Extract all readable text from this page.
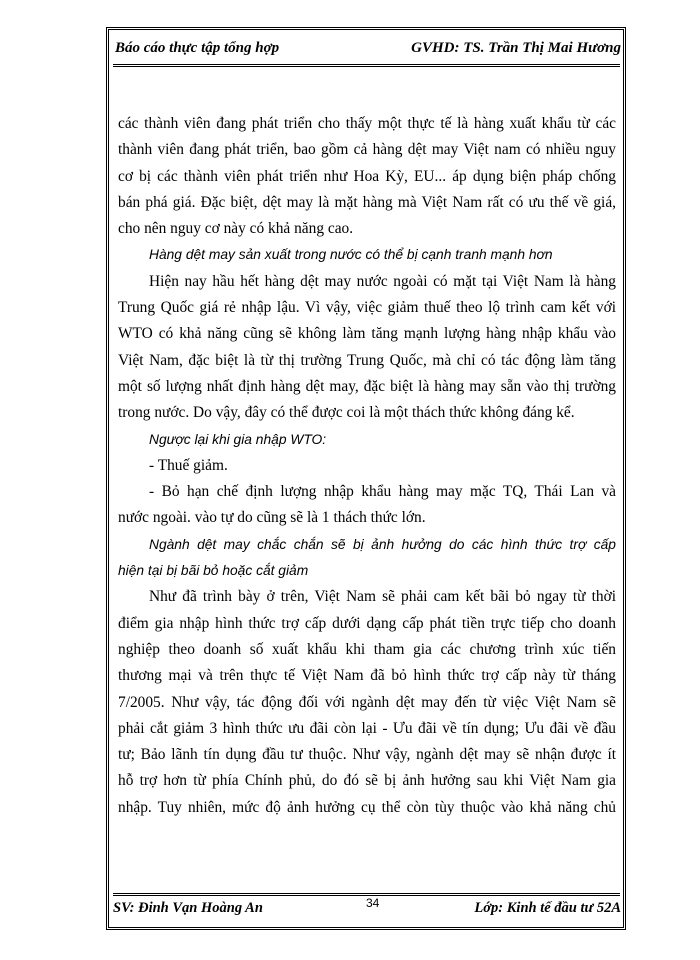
Báo cáo thực tập tổng hợp	GVHD: TS. Trần Thị Mai Hương
các thành viên đang phát triển cho thấy một thực tế là hàng xuất khẩu từ các
thành viên đang phát triển, bao gồm cả hàng dệt may Việt nam có nhiều nguy
cơ bị các thành viên phát triển như Hoa Kỳ, EU... áp dụng biện pháp chống
bán phá giá. Đặc biệt, dệt may là mặt hàng mà Việt Nam rất có ưu thế về giá,
cho nên nguy cơ này có khả năng cao.
Hàng dệt may sản xuất trong nước có thể bị cạnh tranh mạnh hơn
Hiện nay hầu hết hàng dệt may nước ngoài có mặt tại Việt Nam là hàng
Trung Quốc giá rẻ nhập lậu. Vì vậy, việc giảm thuế theo lộ trình cam kết với
WTO có khả năng cũng sẽ không làm tăng mạnh lượng hàng nhập khẩu vào
Việt Nam, đặc biệt là từ thị trường Trung Quốc, mà chỉ có tác động làm tăng
một số lượng nhất định hàng dệt may, đặc biệt là hàng may sẵn vào thị trường
trong nước. Do vậy, đây có thể được coi là một thách thức không đáng kể.
Ngược lại khi gia nhập WTO:
- Thuế giảm.
- Bỏ hạn chế định lượng nhập khẩu hàng may mặc TQ, Thái Lan và
nước ngoài. vào tự do cũng sẽ là 1 thách thức lớn.
Ngành dệt may chắc chắn sẽ bị ảnh hưởng do các hình thức trợ cấp
hiện tại bị bãi bỏ hoặc cắt giảm
Như đã trình bày ở trên, Việt Nam sẽ phải cam kết bãi bỏ ngay từ thời
điểm gia nhập hình thức trợ cấp dưới dạng cấp phát tiền trực tiếp cho doanh
nghiệp theo doanh số xuất khẩu khi tham gia các chương trình xúc tiến
thương mại và trên thực tế Việt Nam đã bỏ hình thức trợ cấp này từ tháng
7/2005. Như vậy, tác động đối với ngành dệt may đến từ việc Việt Nam sẽ
phải cắt giảm 3 hình thức ưu đãi còn lại - Ưu đãi về tín dụng; Ưu đãi về đầu
tư; Bảo lãnh tín dụng đầu tư thuộc. Như vậy, ngành dệt may sẽ nhận được ít
hỗ trợ hơn từ phía Chính phủ, do đó sẽ bị ảnh hưởng sau khi Việt Nam gia
nhập. Tuy nhiên, mức độ ảnh hưởng cụ thể còn tùy thuộc vào khả năng chủ
SV: Đinh Vạn Hoàng An	34	Lớp: Kinh tế đầu tư 52A
